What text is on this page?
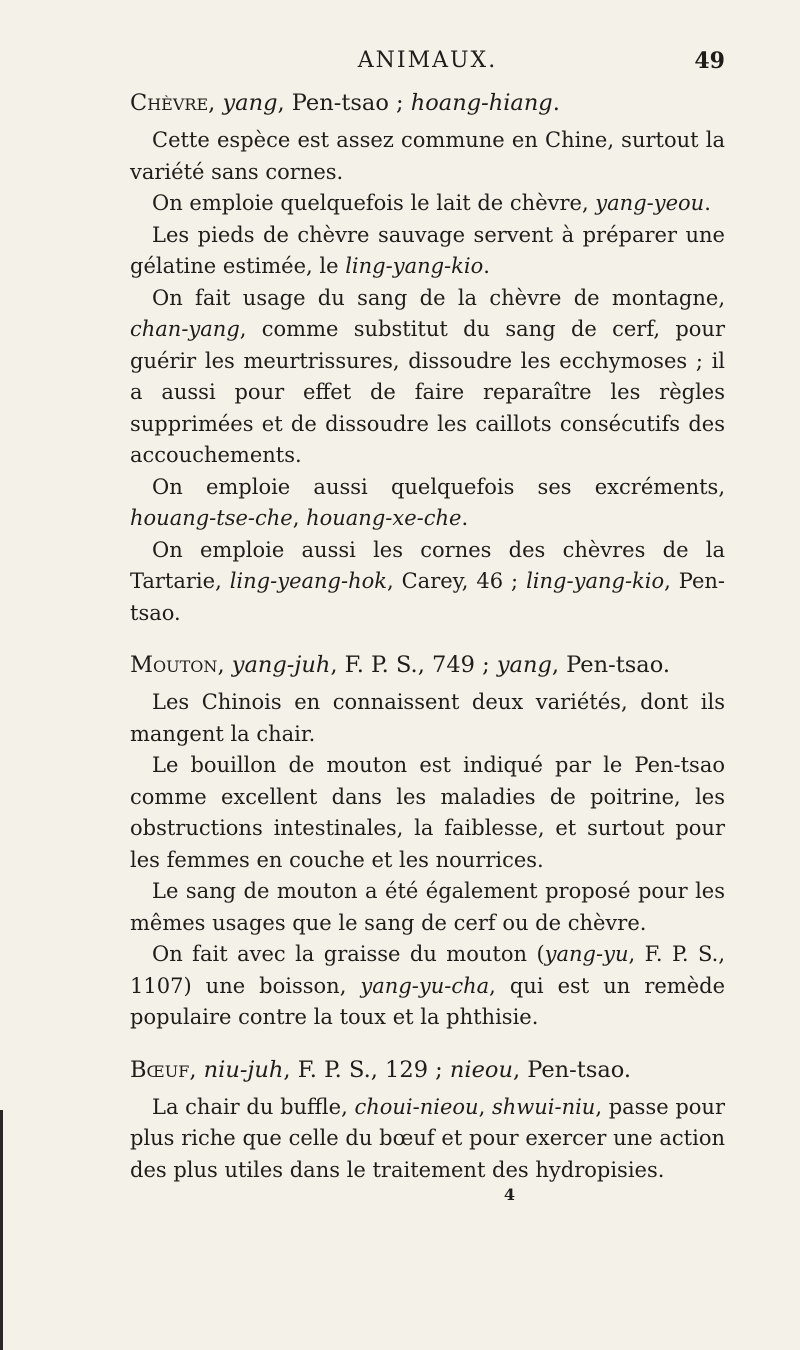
ANIMAUX.	49

Chèvre, yang, Pen-tsao ; hoang-hiang.

Cette espèce est assez commune en Chine, surtout la variété sans cornes.

On emploie quelquefois le lait de chèvre, yang-yeou.

Les pieds de chèvre sauvage servent à préparer une gélatine estimée, le ling-yang-kio.

On fait usage du sang de la chèvre de montagne, chan-yang, comme substitut du sang de cerf, pour guérir les meurtrissures, dissoudre les ecchymoses ; il a aussi pour effet de faire reparaître les règles supprimées et de dissoudre les caillots consécutifs des accouchements.

On emploie aussi quelquefois ses excréments, houang-tse-che, houang-xe-che.

On emploie aussi les cornes des chèvres de la Tartarie, ling-yeang-hok, Carey, 46 ; ling-yang-kio, Pen-tsao.

Mouton, yang-juh, F. P. S., 749 ; yang, Pen-tsao.

Les Chinois en connaissent deux variétés, dont ils mangent la chair.

Le bouillon de mouton est indiqué par le Pen-tsao comme excellent dans les maladies de poitrine, les obstructions intestinales, la faiblesse, et surtout pour les femmes en couche et les nourrices.

Le sang de mouton a été également proposé pour les mêmes usages que le sang de cerf ou de chèvre.

On fait avec la graisse du mouton (yang-yu, F. P. S., 1107) une boisson, yang-yu-cha, qui est un remède populaire contre la toux et la phthisie.

Bœuf, niu-juh, F. P. S., 129 ; nieou, Pen-tsao.

La chair du buffle, choui-nieou, shwui-niu, passe pour plus riche que celle du bœuf et pour exercer une action des plus utiles dans le traitement des hydropisies.

4
